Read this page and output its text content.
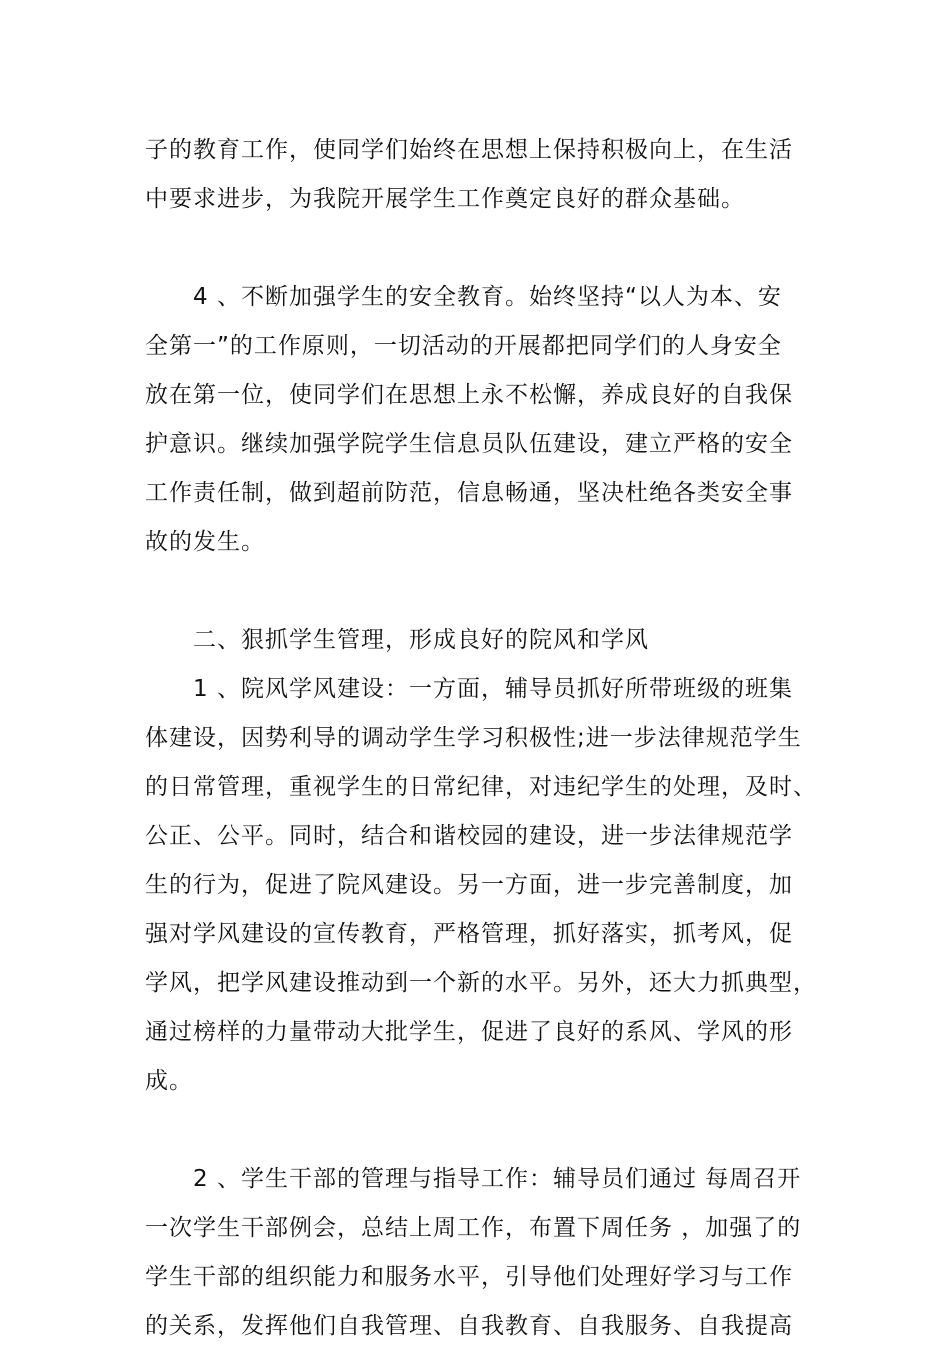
子的教育工作，使同学们始终在思想上保持积极向上，在生活
中要求进步，为我院开展学生工作奠定良好的群众基础。
　　4 、不断加强学生的安全教育。始终坚持“以人为本、安
全第一”的工作原则，一切活动的开展都把同学们的人身安全
放在第一位，使同学们在思想上永不松懈，养成良好的自我保
护意识。继续加强学院学生信息员队伍建设，建立严格的安全
工作责任制，做到超前防范，信息畅通，坚决杜绝各类安全事
故的发生。
　　二、狠抓学生管理，形成良好的院风和学风
　　1 、院风学风建设：一方面，辅导员抓好所带班级的班集
体建设，因势利导的调动学生学习积极性;进一步法律规范学生
的日常管理，重视学生的日常纪律，对违纪学生的处理，及时、
公正、公平。同时，结合和谐校园的建设，进一步法律规范学
生的行为，促进了院风建设。另一方面，进一步完善制度，加
强对学风建设的宣传教育，严格管理，抓好落实，抓考风，促
学风，把学风建设推动到一个新的水平。另外，还大力抓典型，
通过榜样的力量带动大批学生，促进了良好的系风、学风的形
成。
　　2 、学生干部的管理与指导工作：辅导员们通过 每周召开
一次学生干部例会，总结上周工作，布置下周任务 ，加强了的
学生干部的组织能力和服务水平，引导他们处理好学习与工作
的关系，发挥他们自我管理、自我教育、自我服务、自我提高
